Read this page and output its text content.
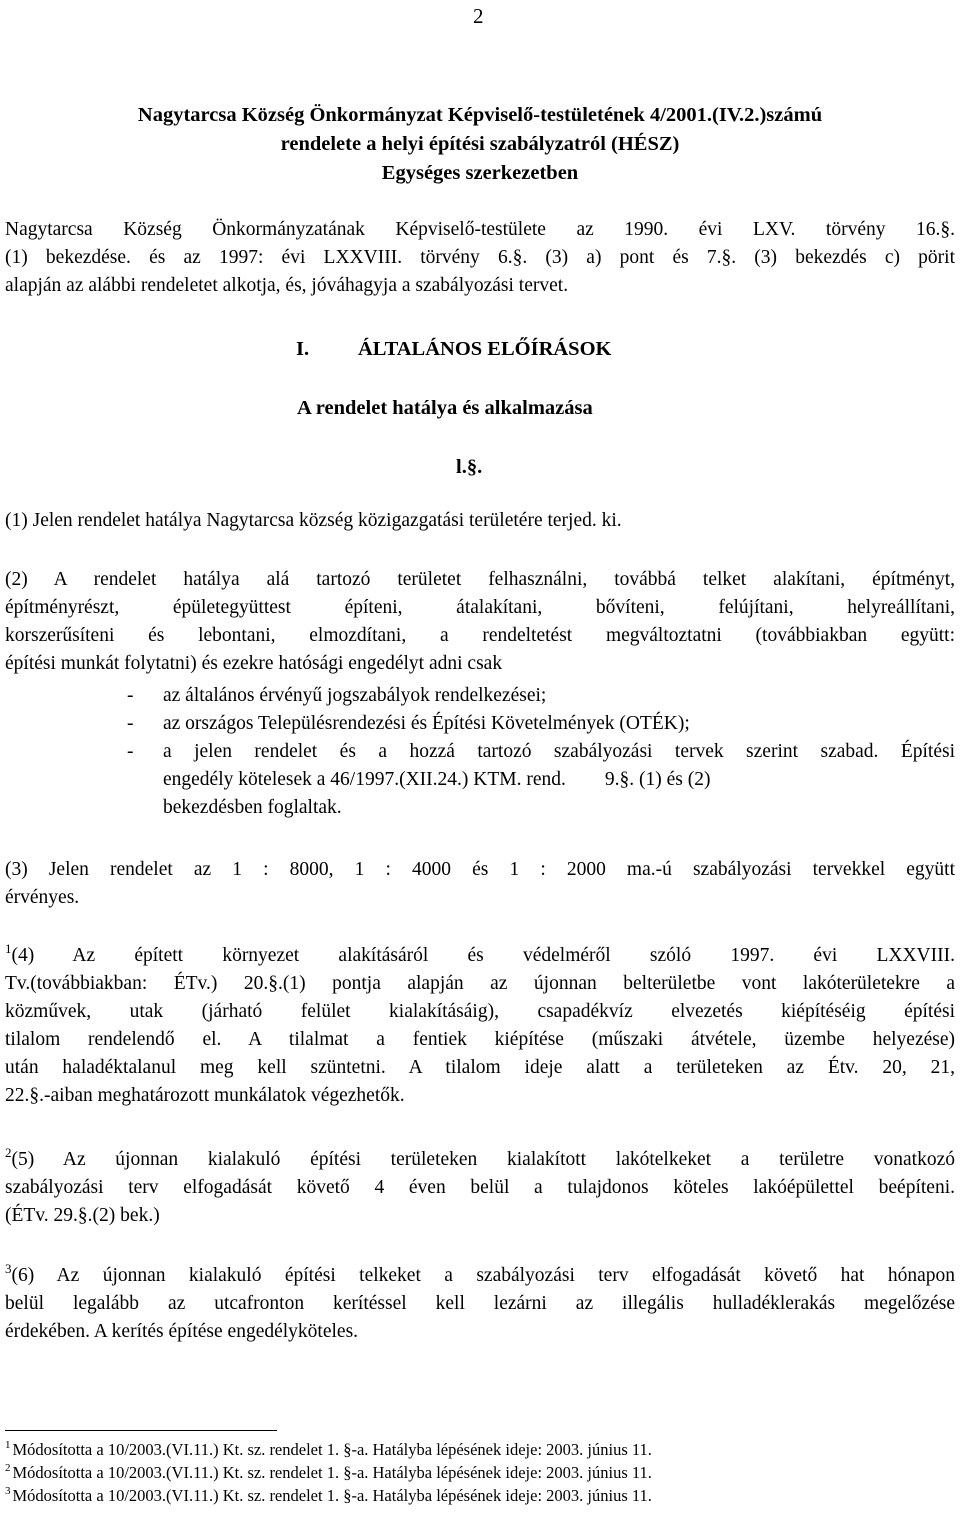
2
Nagytarcsa Község Önkormányzat Képviselő-testületének 4/2001.(IV.2.)számú
rendelete a helyi építési szabályzatról (HÉSZ)
Egységes szerkezetben
Nagytarcsa Község Önkormányzatának Képviselő-testülete az 1990. évi LXV. törvény 16.§.
(1) bekezdése. és az 1997: évi LXXVIII. törvény 6.§. (3) a) pont és 7.§. (3) bekezdés c) pörit
alapján az alábbi rendeletet alkotja, és, jóváhagyja a szabályozási tervet.
I. ÁLTALÁNOS ELŐÍRÁSOK
A rendelet hatálya és alkalmazása
l.§.
(1) Jelen rendelet hatálya Nagytarcsa község közigazgatási területére terjed. ki.
(2) A rendelet hatálya alá tartozó területet felhasználni, továbbá telket alakítani, építményt,
építményrészt, épületegyüttest építeni, átalakítani, bővíteni, felújítani, helyreállítani,
korszerűsíteni és lebontani, elmozdítani, a rendeltetést megváltoztatni (továbbiakban együtt:
építési munkát folytatni) és ezekre hatósági engedélyt adni csak
- az általános érvényű jogszabályok rendelkezései;
- az országos Településrendezési és Építési Követelmények (OTÉK);
- a jelen rendelet és a hozzá tartozó szabályozási tervek szerint szabad. Építési
engedély kötelesek a 46/1997.(XII.24.) KTM. rend.        9.§. (1) és (2)
bekezdésben foglaltak.
(3) Jelen rendelet az 1 : 8000, 1 : 4000 és 1 : 2000 ma.-ú szabályozási tervekkel együtt
érvényes.
$^1$(4) Az épített környezet alakításáról és védelméről szóló 1997. évi LXXVIII.
Tv.(továbbiakban: ÉTv.) 20.§.(1) pontja alapján az újonnan belterületbe vont lakóterületekre a
közművek, utak (járható felület kialakításáig), csapadékvíz elvezetés kiépítéséig építési
tilalom rendelendő el. A tilalmat a fentiek kiépítése (műszaki átvétele, üzembe helyezése)
után haladéktalanul meg kell szüntetni. A tilalom ideje alatt a területeken az Étv. 20, 21,
22.§.-aiban meghatározott munkálatok végezhetők.
$^2$(5) Az újonnan kialakuló építési területeken kialakított lakótelkeket a területre vonatkozó
szabályozási terv elfogadását követő 4 éven belül a tulajdonos köteles lakóépülettel beépíteni.
(ÉTv. 29.§.(2) bek.)
$^3$(6) Az újonnan kialakuló építési telkeket a szabályozási terv elfogadását követő hat hónapon
belül legalább az utcafronton kerítéssel kell lezárni az illegális hulladéklerakás megelőzése
érdekében. A kerítés építése engedélyköteles.
$^1$ Módosította a 10/2003.(VI.11.) Kt. sz. rendelet 1. §-a. Hatályba lépésének ideje: 2003. június 11.
$^2$ Módosította a 10/2003.(VI.11.) Kt. sz. rendelet 1. §-a. Hatályba lépésének ideje: 2003. június 11.
$^3$ Módosította a 10/2003.(VI.11.) Kt. sz. rendelet 1. §-a. Hatályba lépésének ideje: 2003. június 11.
